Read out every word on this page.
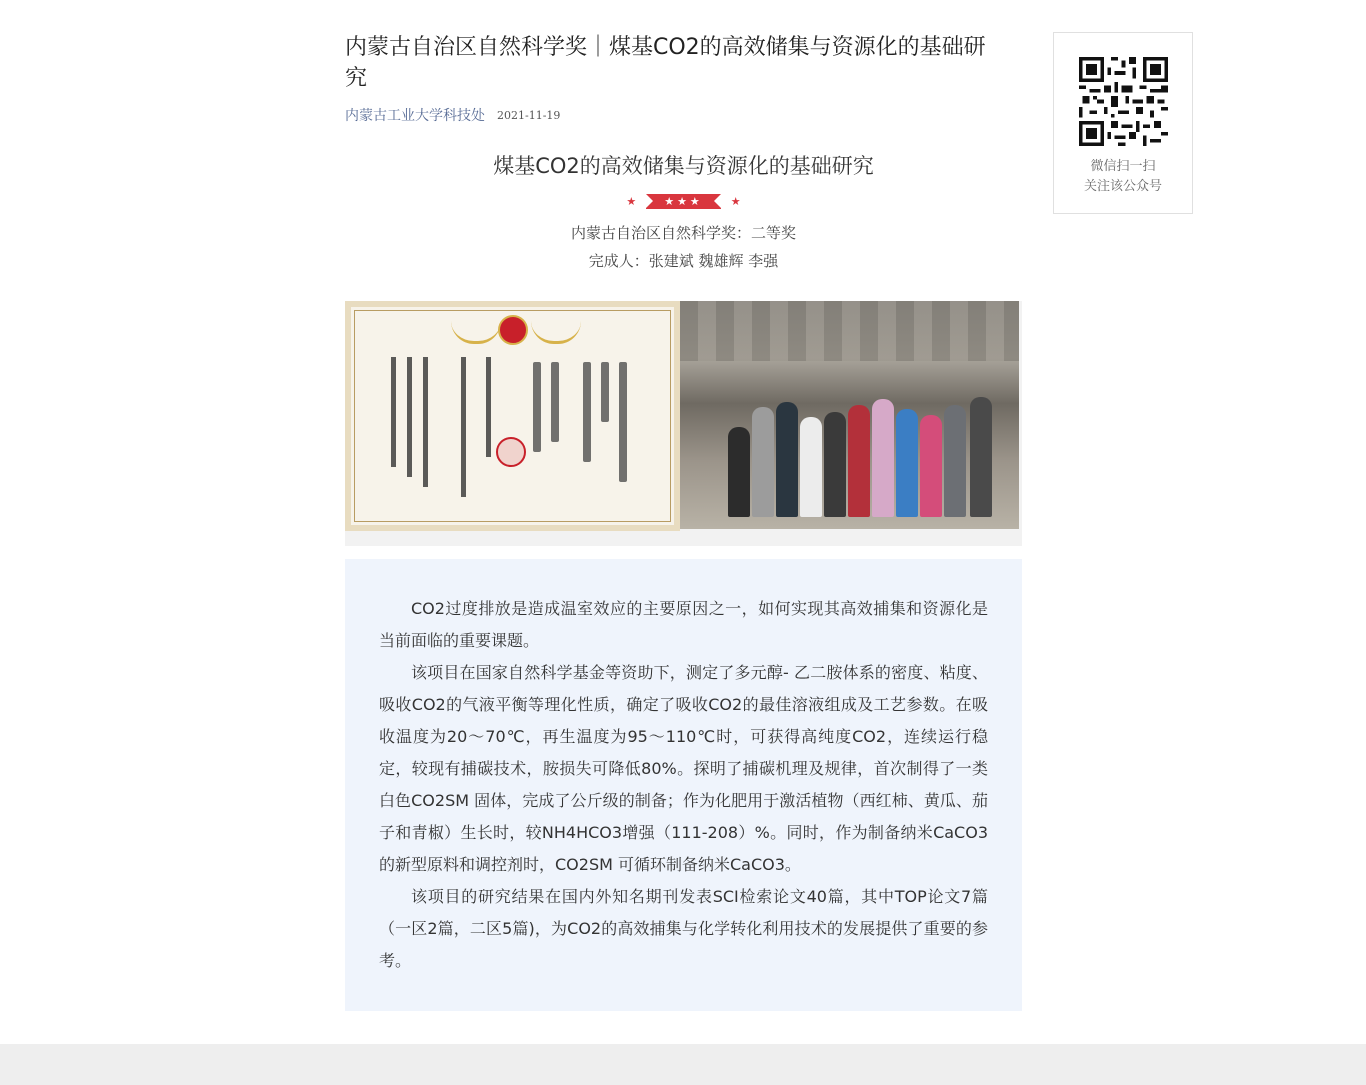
内蒙古自治区自然科学奖｜煤基CO2的高效储集与资源化的基础研究
内蒙古工业大学科技处 2021-11-19
煤基CO2的高效储集与资源化的基础研究
★	★★★	★
内蒙古自治区自然科学奖：二等奖
完成人：张建斌 魏雄辉 李强

CO2过度排放是造成温室效应的主要原因之一，如何实现其高效捕集和资源化是当前面临的重要课题。

该项目在国家自然科学基金等资助下，测定了多元醇- 乙二胺体系的密度、粘度、吸收CO2的气液平衡等理化性质，确定了吸收CO2的最佳溶液组成及工艺参数。在吸收温度为20～70℃，再生温度为95～110℃时，可获得高纯度CO2，连续运行稳定，较现有捕碳技术，胺损失可降低80%。探明了捕碳机理及规律，首次制得了一类白色CO2SM 固体，完成了公斤级的制备；作为化肥用于激活植物（西红柿、黄瓜、茄子和青椒）生长时，较NH4HCO3增强（111-208）%。同时，作为制备纳米CaCO3 的新型原料和调控剂时，CO2SM 可循环制备纳米CaCO3。

该项目的研究结果在国内外知名期刊发表SCI检索论文40篇，其中TOP论文7篇（一区2篇，二区5篇)，为CO2的高效捕集与化学转化利用技术的发展提供了重要的参考。

微信扫一扫
关注该公众号
